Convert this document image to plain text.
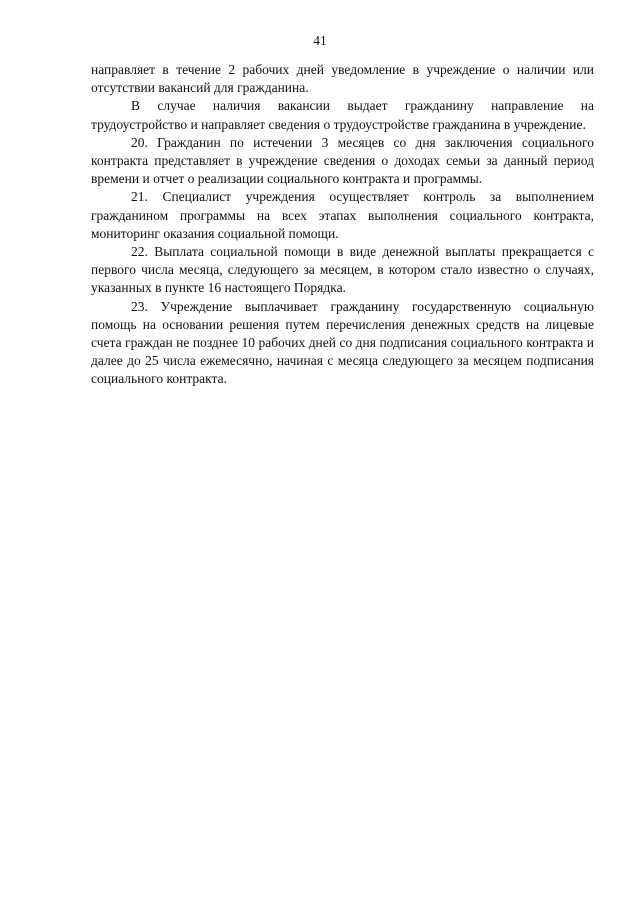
41

направляет в течение 2 рабочих дней уведомление в учреждение о наличии или отсутствии вакансий для гражданина.

В случае наличия вакансии выдает гражданину направление на трудоустройство и направляет сведения о трудоустройстве гражданина в учреждение.

20. Гражданин по истечении 3 месяцев со дня заключения социального контракта представляет в учреждение сведения о доходах семьи за данный период времени и отчет о реализации социального контракта и программы.

21. Специалист учреждения осуществляет контроль за выполнением гражданином программы на всех этапах выполнения социального контракта, мониторинг оказания социальной помощи.

22. Выплата социальной помощи в виде денежной выплаты прекращается с первого числа месяца, следующего за месяцем, в котором стало известно о случаях, указанных в пункте 16 настоящего Порядка.

23. Учреждение выплачивает гражданину государственную социальную помощь на основании решения путем перечисления денежных средств на лицевые счета граждан не позднее 10 рабочих дней со дня подписания социального контракта и далее до 25 числа ежемесячно, начиная с месяца следующего за месяцем подписания социального контракта.
